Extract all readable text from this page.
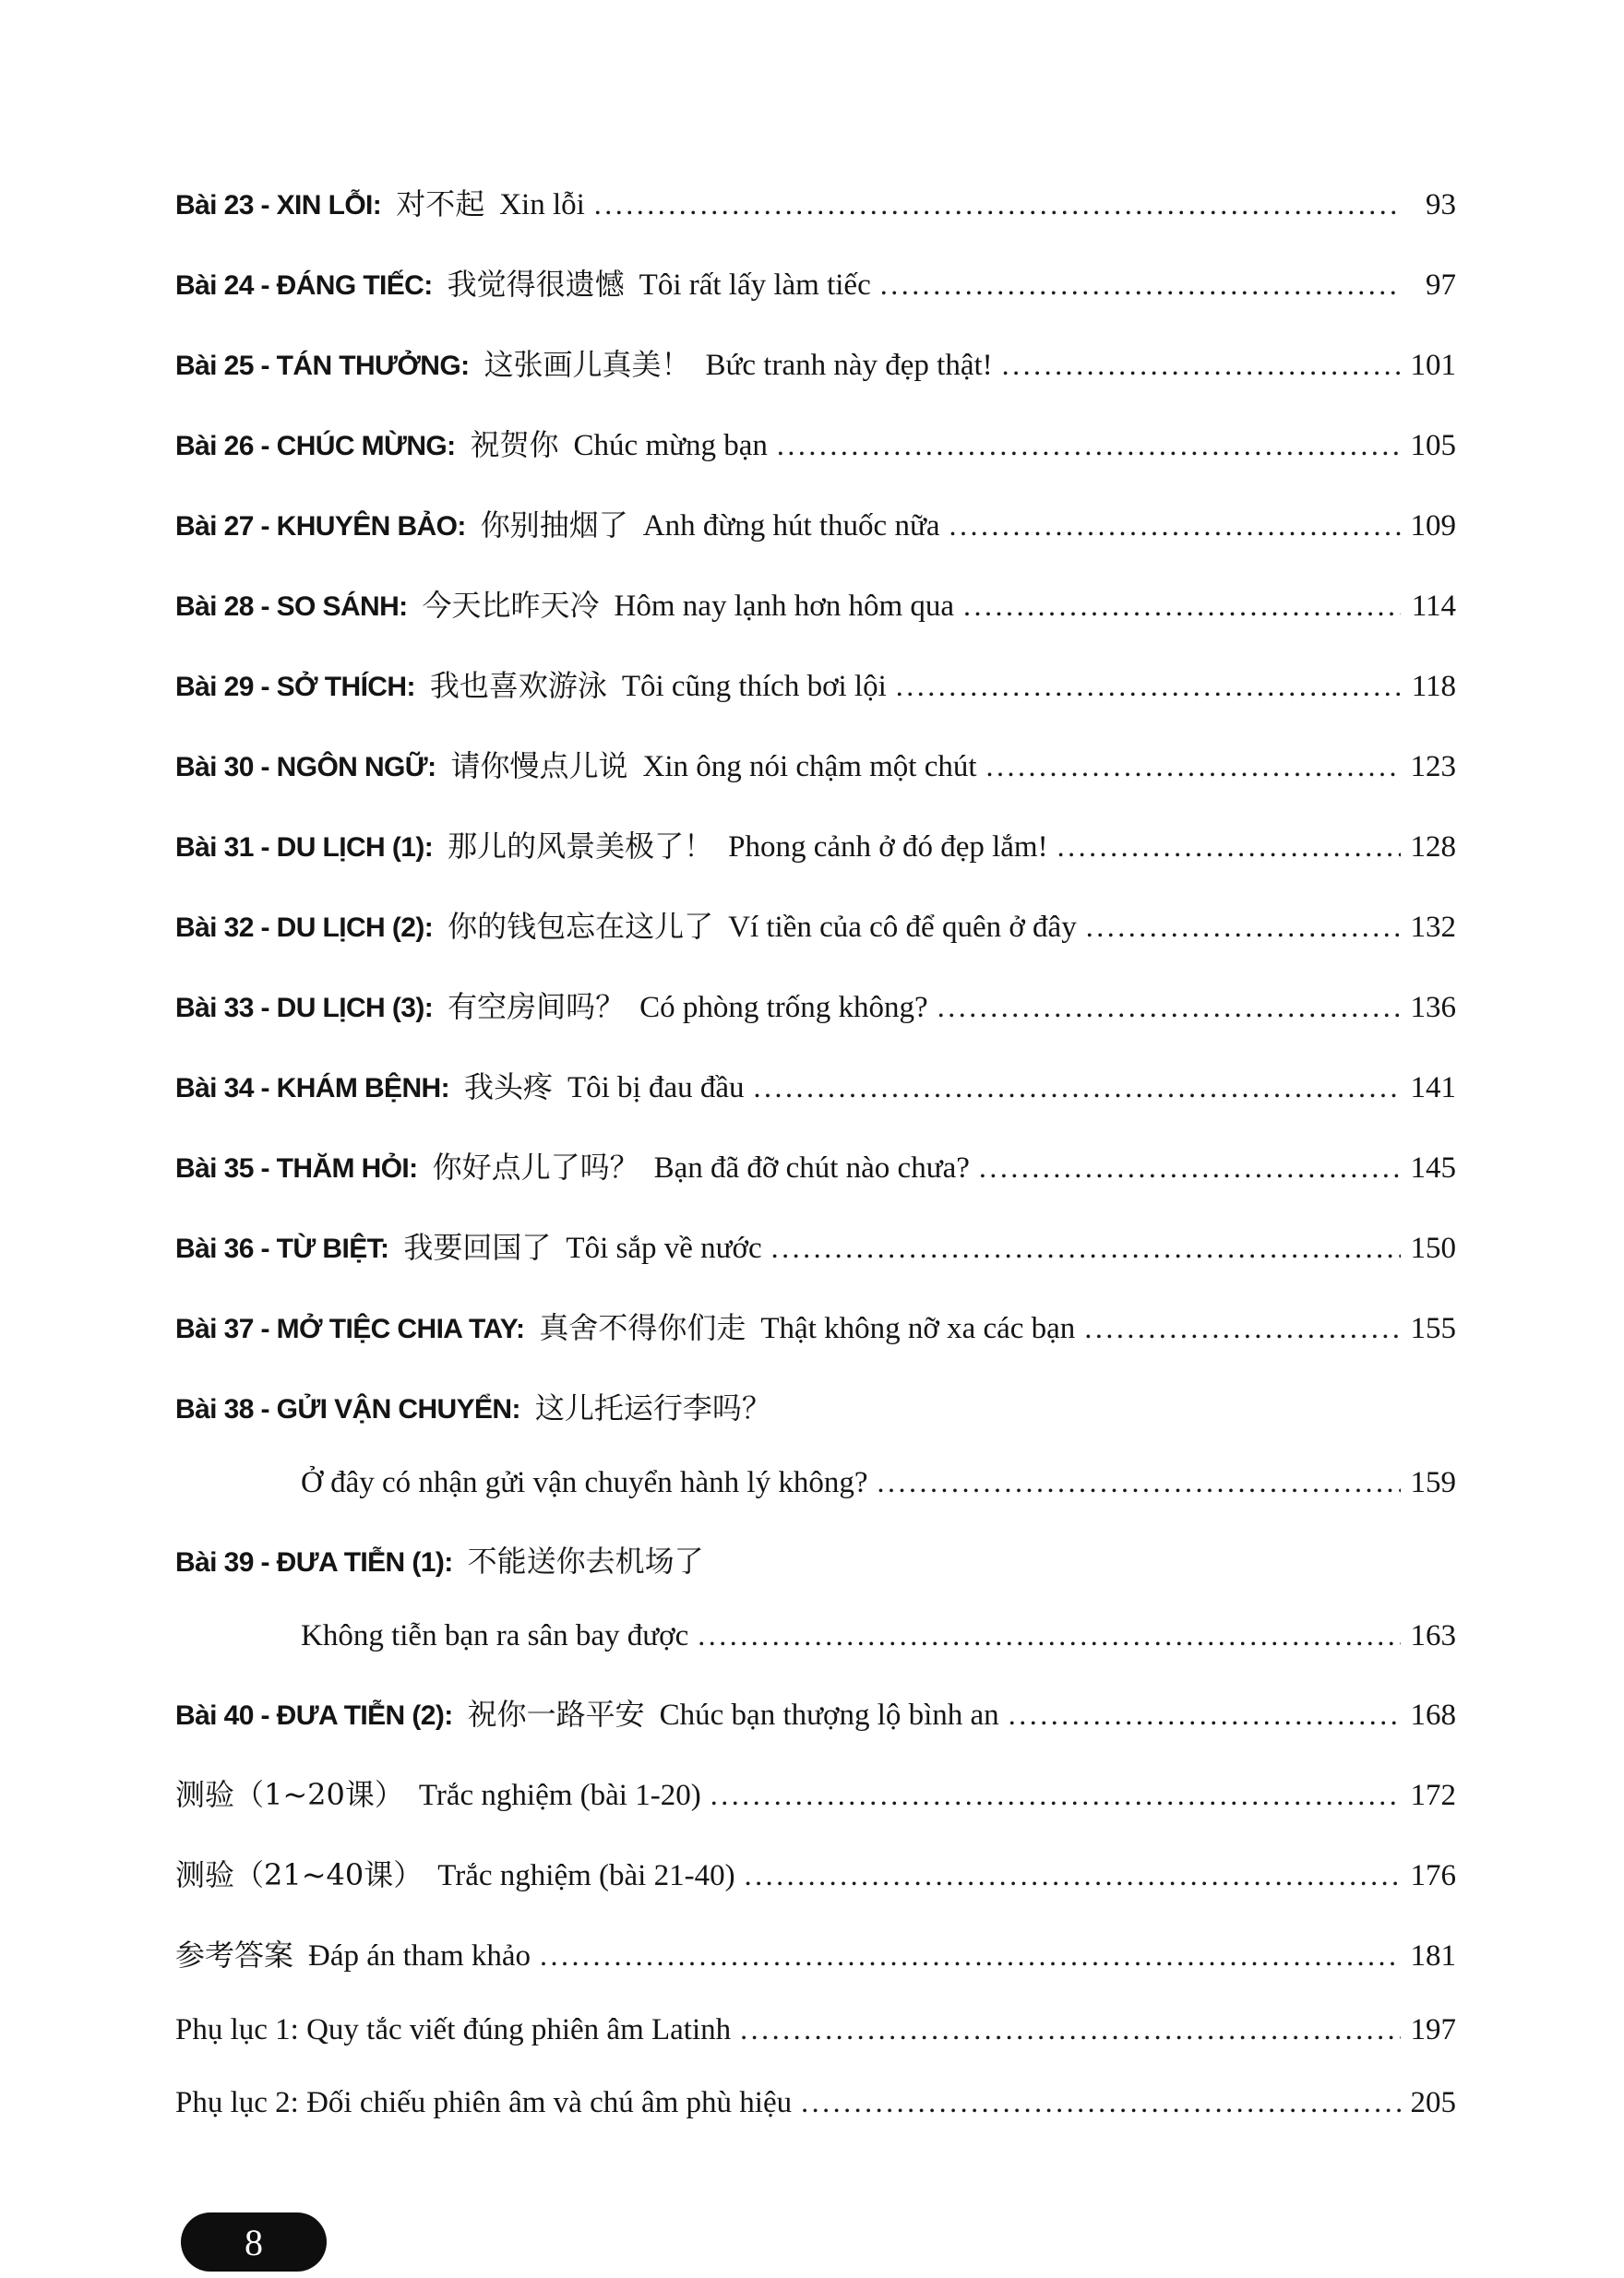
Bài 23 - XIN LỖI: 对不起 Xin lỗi .....	93
Bài 24 - ĐÁNG TIẾC: 我觉得很遗憾 Tôi rất lấy làm tiếc .....	97
Bài 25 - TÁN THƯỞNG: 这张画儿真美！ Bức tranh này đẹp thật! .....	101
Bài 26 - CHÚC MỪNG: 祝贺你 Chúc mừng bạn .....	105
Bài 27 - KHUYÊN BẢO: 你别抽烟了 Anh đừng hút thuốc nữa .....	109
Bài 28 - SO SÁNH: 今天比昨天冷 Hôm nay lạnh hơn hôm qua .....	114
Bài 29 - SỞ THÍCH: 我也喜欢游泳 Tôi cũng thích bơi lội .....	118
Bài 30 - NGÔN NGỮ: 请你慢点儿说 Xin ông nói chậm một chút .....	123
Bài 31 - DU LỊCH (1): 那儿的风景美极了！ Phong cảnh ở đó đẹp lắm! .....	128
Bài 32 - DU LỊCH (2): 你的钱包忘在这儿了 Ví tiền của cô để quên ở đây .....	132
Bài 33 - DU LỊCH (3): 有空房间吗？ Có phòng trống không? .....	136
Bài 34 - KHÁM BỆNH: 我头疼 Tôi bị đau đầu .....	141
Bài 35 - THĂM HỎI: 你好点儿了吗？ Bạn đã đỡ chút nào chưa? .....	145
Bài 36 - TỪ BIỆT: 我要回国了 Tôi sắp về nước .....	150
Bài 37 - MỞ TIỆC CHIA TAY: 真舍不得你们走 Thật không nỡ xa các bạn .....	155
Bài 38 - GỬI VẬN CHUYỂN: 这儿托运行李吗？
Ở đây có nhận gửi vận chuyển hành lý không? .....	159
Bài 39 - ĐƯA TIỄN (1): 不能送你去机场了
Không tiễn bạn ra sân bay được .....	163
Bài 40 - ĐƯA TIỄN (2): 祝你一路平安 Chúc bạn thượng lộ bình an .....	168
测验（1~20课） Trắc nghiệm (bài 1-20) .....	172
测验（21~40课） Trắc nghiệm (bài 21-40) .....	176
参考答案 Đáp án tham khảo .....	181
Phụ lục 1: Quy tắc viết đúng phiên âm Latinh .....	197
Phụ lục 2: Đối chiếu phiên âm và chú âm phù hiệu .....	205
8
